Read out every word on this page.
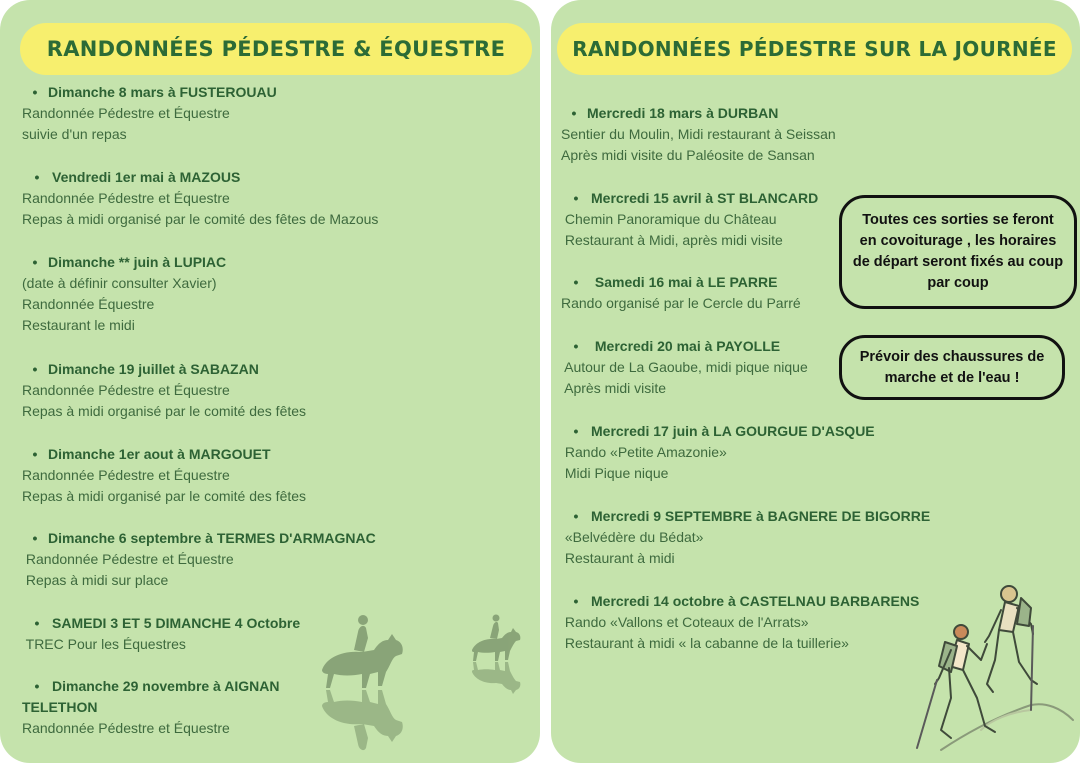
RANDONNÉES PÉDESTRE & ÉQUESTRE
• Dimanche 8 mars à FUSTEROUAU
Randonnée Pédestre et Équestre
suivie d'un repas
• Vendredi 1er mai à MAZOUS
Randonnée Pédestre et Équestre
Repas à midi organisé par le comité des fêtes de Mazous
• Dimanche ** juin à LUPIAC
(date à définir consulter Xavier)
Randonnée Équestre
Restaurant le midi
• Dimanche 19 juillet à SABAZAN
Randonnée Pédestre et Équestre
Repas à midi organisé par le comité des fêtes
• Dimanche 1er aout à MARGOUET
Randonnée Pédestre et Équestre
Repas à midi organisé par le comité des fêtes
• Dimanche 6 septembre à TERMES D'ARMAGNAC
Randonnée Pédestre et Équestre
Repas à midi sur place
• SAMEDI 3 ET 5 DIMANCHE 4 Octobre
TREC Pour les Équestres
• Dimanche 29 novembre à AIGNAN
TELETHON
Randonnée Pédestre et Équestre
RANDONNÉES PÉDESTRE SUR LA JOURNÉE
• Mercredi 18 mars à DURBAN
Sentier du Moulin, Midi restaurant à Seissan
Après midi visite du Paléosite de Sansan
• Mercredi 15 avril à ST BLANCARD
Chemin Panoramique du Château
Restaurant à Midi, après midi visite
• Samedi 16 mai à LE PARRE
Rando organisé par le Cercle du Parré
• Mercredi 20 mai à PAYOLLE
Autour de La Gaoube, midi pique nique
Après midi visite
• Mercredi 17 juin à LA GOURGUE D'ASQUE
Rando «Petite Amazonie»
Midi Pique nique
• Mercredi 9 SEPTEMBRE à BAGNERE DE BIGORRE
«Belvédère du Bédat»
Restaurant à midi
• Mercredi 14 octobre à CASTELNAU BARBARENS
Rando «Vallons et Coteaux de l'Arrats»
Restaurant à midi « la cabanne de la tuillerie»
Toutes ces sorties se feront en covoiturage , les horaires de départ seront fixés au coup par coup
Prévoir des chaussures de marche et de l'eau !
